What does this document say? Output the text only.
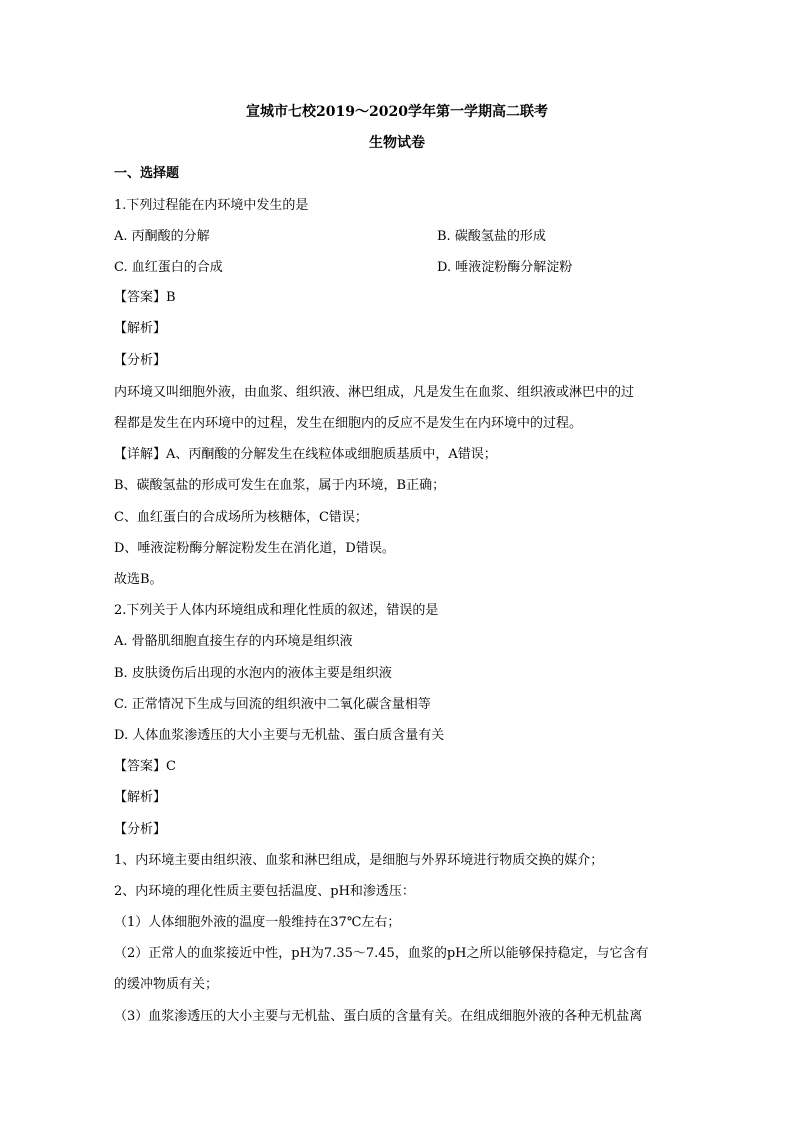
宣城市七校2019～2020学年第一学期高二联考
生物试卷
一、选择题
1.下列过程能在内环境中发生的是
A. 丙酮酸的分解	B. 碳酸氢盐的形成
C. 血红蛋白的合成	D. 唾液淀粉酶分解淀粉
【答案】B
【解析】
【分析】
内环境又叫细胞外液，由血浆、组织液、淋巴组成，凡是发生在血浆、组织液或淋巴中的过
程都是发生在内环境中的过程，发生在细胞内的反应不是发生在内环境中的过程。
【详解】A、丙酮酸的分解发生在线粒体或细胞质基质中，A错误；
B、碳酸氢盐的形成可发生在血浆，属于内环境，B正确；
C、血红蛋白的合成场所为核糖体，C错误；
D、唾液淀粉酶分解淀粉发生在消化道，D错误。
故选B。
2.下列关于人体内环境组成和理化性质的叙述，错误的是
A. 骨骼肌细胞直接生存的内环境是组织液
B. 皮肤烫伤后出现的水泡内的液体主要是组织液
C. 正常情况下生成与回流的组织液中二氧化碳含量相等
D. 人体血浆渗透压的大小主要与无机盐、蛋白质含量有关
【答案】C
【解析】
【分析】
1、内环境主要由组织液、血浆和淋巴组成，是细胞与外界环境进行物质交换的媒介；
2、内环境的理化性质主要包括温度、pH和渗透压：
（1）人体细胞外液的温度一般维持在37℃左右；
（2）正常人的血浆接近中性，pH为7.35～7.45，血浆的pH之所以能够保持稳定，与它含有
的缓冲物质有关；
（3）血浆渗透压的大小主要与无机盐、蛋白质的含量有关。在组成细胞外液的各种无机盐离
